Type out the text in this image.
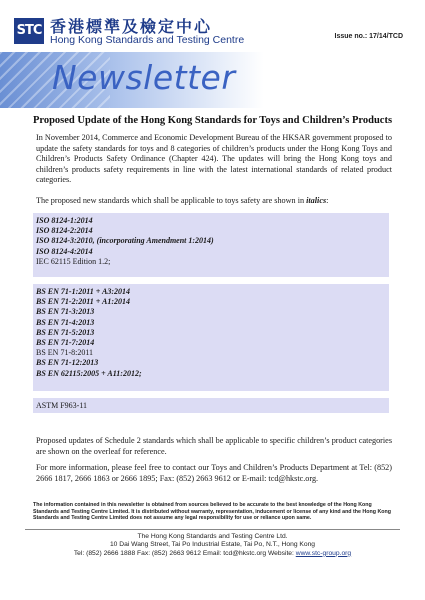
STC 香港標準及檢定中心
Hong Kong Standards and Testing Centre	Issue no.: 17/14/TCD
Newsletter
Proposed Update of the Hong Kong Standards for Toys and Children’s Products
In November 2014, Commerce and Economic Development Bureau of the HKSAR government proposed to update the safety standards for toys and 8 categories of children’s products under the Hong Kong Toys and Children’s Products Safety Ordinance (Chapter 424). The updates will bring the Hong Kong toys and children’s products safety requirements in line with the latest international standards of related product categories.
The proposed new standards which shall be applicable to toys safety are shown in italics:
ISO 8124-1:2014
ISO 8124-2:2014
ISO 8124-3:2010, (incorporating Amendment 1:2014)
ISO 8124-4:2014
IEC 62115 Edition 1.2;
BS EN 71-1:2011 + A3:2014
BS EN 71-2:2011 + A1:2014
BS EN 71-3:2013
BS EN 71-4:2013
BS EN 71-5:2013
BS EN 71-7:2014
BS EN 71-8:2011
BS EN 71-12:2013
BS EN 62115:2005 + A11:2012;
ASTM F963-11
Proposed updates of Schedule 2 standards which shall be applicable to specific children’s product categories are shown on the overleaf for reference.
For more information, please feel free to contact our Toys and Children’s Products Department at Tel: (852) 2666 1817, 2666 1863 or 2666 1895; Fax: (852) 2663 9612 or E-mail: tcd@hkstc.org.
The information contained in this newsletter is obtained from sources believed to be accurate to the best knowledge of the Hong Kong Standards and Testing Centre Limited. It is distributed without warranty, representation, inducement or license of any kind and the Hong Kong Standards and Testing Centre Limited does not assume any legal responsibility for use or reliance upon same.
The Hong Kong Standards and Testing Centre Ltd.
10 Dai Wang Street, Tai Po Industrial Estate, Tai Po, N.T., Hong Kong
Tel: (852) 2666 1888 Fax: (852) 2663 9612 Email: tcd@hkstc.org Website: www.stc-group.org
